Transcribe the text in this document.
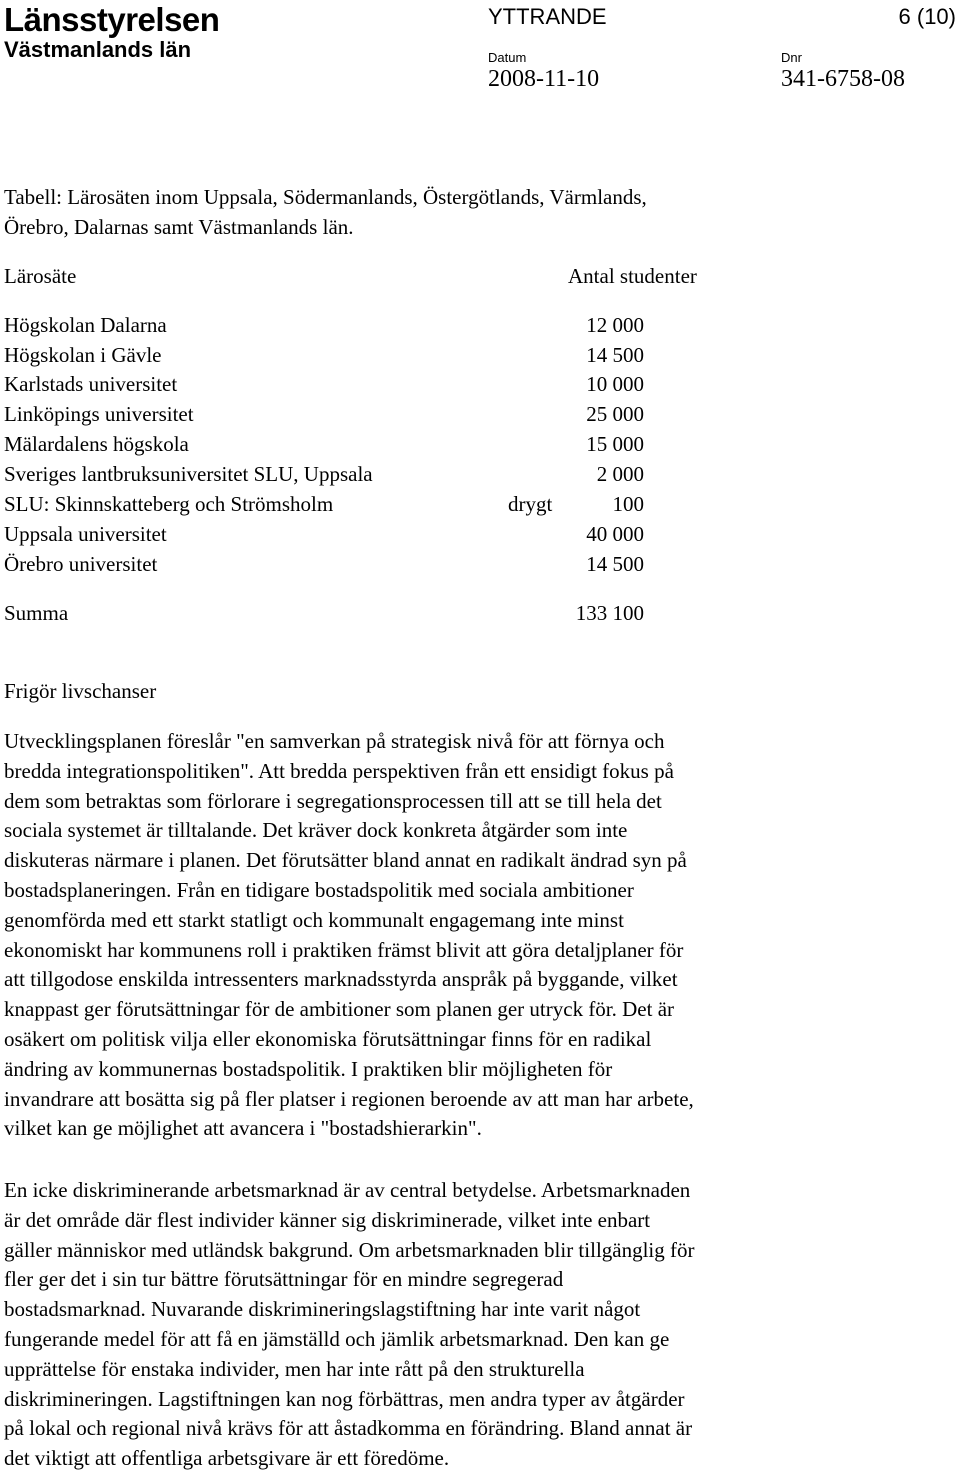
Länsstyrelsen
Västmanlands län
YTTRANDE	6 (10)
Datum
2008-11-10
Dnr
341-6758-08
Tabell: Lärosäten inom Uppsala, Södermanlands, Östergötlands, Värmlands,
Örebro, Dalarnas samt Västmanlands län.
Lärosäte	Antal studenter
Högskolan Dalarna	12 000
Högskolan i Gävle	14 500
Karlstads universitet	10 000
Linköpings universitet	25 000
Mälardalens högskola	15 000
Sveriges lantbruksuniversitet SLU, Uppsala	2 000
SLU: Skinnskatteberg och Strömsholm	drygt	100
Uppsala universitet	40 000
Örebro universitet	14 500
Summa	133 100
Frigör livschanser
Utvecklingsplanen föreslår "en samverkan på strategisk nivå för att förnya och
bredda integrationspolitiken". Att bredda perspektiven från ett ensidigt fokus på
dem som betraktas som förlorare i segregationsprocessen till att se till hela det
sociala systemet är tilltalande. Det kräver dock konkreta åtgärder som inte
diskuteras närmare i planen. Det förutsätter bland annat en radikalt ändrad syn på
bostadsplaneringen. Från en tidigare bostadspolitik med sociala ambitioner
genomförda med ett starkt statligt och kommunalt engagemang inte minst
ekonomiskt har kommunens roll i praktiken främst blivit att göra detaljplaner för
att tillgodose enskilda intressenters marknadsstyrda anspråk på byggande, vilket
knappast ger förutsättningar för de ambitioner som planen ger utryck för. Det är
osäkert om politisk vilja eller ekonomiska förutsättningar finns för en radikal
ändring av kommunernas bostadspolitik. I praktiken blir möjligheten för
invandrare att bosätta sig på fler platser i regionen beroende av att man har arbete,
vilket kan ge möjlighet att avancera i "bostadshierarkin".
En icke diskriminerande arbetsmarknad är av central betydelse. Arbetsmarknaden
är det område där flest individer känner sig diskriminerade, vilket inte enbart
gäller människor med utländsk bakgrund. Om arbetsmarknaden blir tillgänglig för
fler ger det i sin tur bättre förutsättningar för en mindre segregerad
bostadsmarknad. Nuvarande diskrimineringslagstiftning har inte varit något
fungerande medel för att få en jämställd och jämlik arbetsmarknad. Den kan ge
upprättelse för enstaka individer, men har inte rått på den strukturella
diskrimineringen. Lagstiftningen kan nog förbättras, men andra typer av åtgärder
på lokal och regional nivå krävs för att åstadkomma en förändring. Bland annat är
det viktigt att offentliga arbetsgivare är ett föredöme.
